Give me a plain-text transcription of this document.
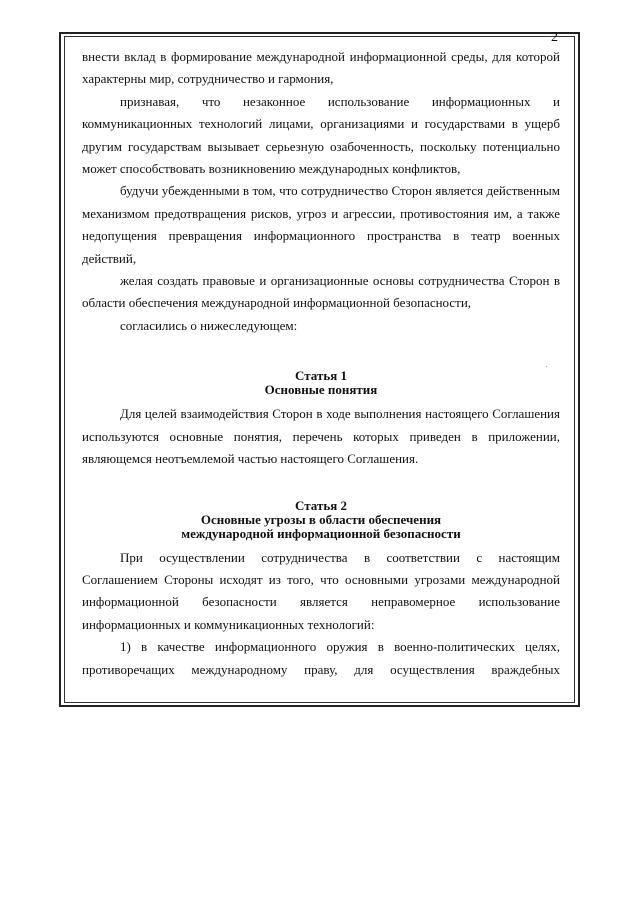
2

внести вклад в формирование международной информационной среды, для которой характерны мир, сотрудничество и гармония,

признавая, что незаконное использование информационных и коммуникационных технологий лицами, организациями и государствами в ущерб другим государствам вызывает серьезную озабоченность, поскольку потенциально может способствовать возникновению международных конфликтов,

будучи убежденными в том, что сотрудничество Сторон является действенным механизмом предотвращения рисков, угроз и агрессии, противостояния им, а также недопущения превращения информационного пространства в театр военных действий,

желая создать правовые и организационные основы сотрудничества Сторон в области обеспечения международной информационной безопасности,

согласились о нижеследующем:

Статья 1

Основные понятия

Для целей взаимодействия Сторон в ходе выполнения настоящего Соглашения используются основные понятия, перечень которых приведен в приложении, являющемся неотъемлемой частью настоящего Соглашения.

Статья 2

Основные угрозы в области обеспечения

международной информационной безопасности

При осуществлении сотрудничества в соответствии с настоящим Соглашением Стороны исходят из того, что основными угрозами международной информационной безопасности является неправомерное использование информационных и коммуникационных технологий:

1) в качестве информационного оружия в военно-политических целях, противоречащих международному праву, для осуществления враждебных
